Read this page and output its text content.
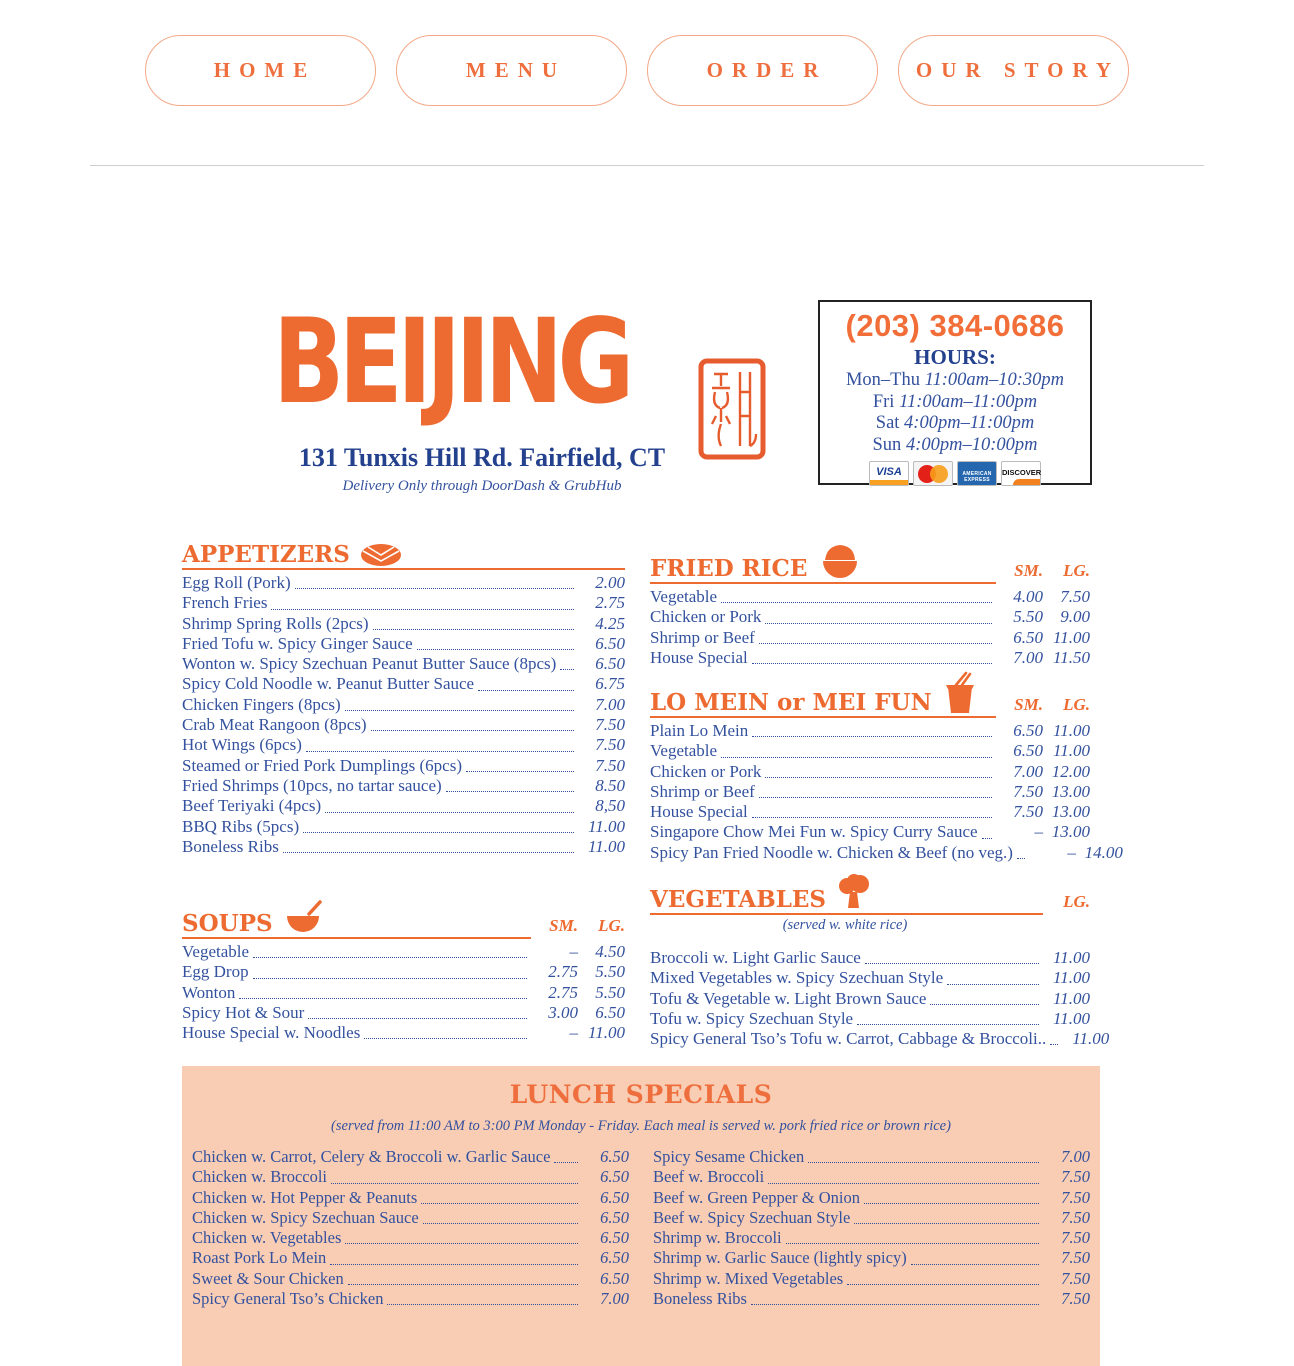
HOME	MENU	ORDER	OUR STORY
BEIJING
131 Tunxis Hill Rd. Fairfield, CT
Delivery Only through DoorDash & GrubHub
(203) 384-0686
HOURS:
Mon–Thu 11:00am–10:30pm
Fri 11:00am–11:00pm
Sat 4:00pm–11:00pm
Sun 4:00pm–10:00pm
VISA	AMERICAN EXPRESS
DISCOVER
APPETIZERS
Egg Roll (Pork)	2.00
French Fries	2.75
Shrimp Spring Rolls (2pcs)	4.25
Fried Tofu w. Spicy Ginger Sauce	6.50
Wonton w. Spicy Szechuan Peanut Butter Sauce (8pcs)	6.50
Spicy Cold Noodle w. Peanut Butter Sauce	6.75
Chicken Fingers (8pcs)	7.00
Crab Meat Rangoon (8pcs)	7.50
Hot Wings (6pcs)	7.50
Steamed or Fried Pork Dumplings (6pcs)	7.50
Fried Shrimps (10pcs, no tartar sauce)	8.50
Beef Teriyaki (4pcs)	8,50
BBQ Ribs (5pcs)	11.00
Boneless Ribs	11.00
SOUPS	SM.	LG.
Vegetable	–	4.50
Egg Drop	2.75	5.50
Wonton	2.75	5.50
Spicy Hot & Sour	3.00	6.50
House Special w. Noodles	– 11.00
FRIED RICE	SM.	LG.
Vegetable	4.00	7.50
Chicken or Pork	5.50	9.00
Shrimp or Beef	6.50 11.00
House Special	7.00 11.50
LO MEIN or MEI FUN	SM.	LG.
Plain Lo Mein	6.50 11.00
Vegetable	6.50 11.00
Chicken or Pork	7.00 12.00
Shrimp or Beef	7.50 13.00
House Special	7.50 13.00
Singapore Chow Mei Fun w. Spicy Curry Sauce	– 13.00
Spicy Pan Fried Noodle w. Chicken & Beef (no veg.)	– 14.00
VEGETABLES	LG.
(served w. white rice)
Broccoli w. Light Garlic Sauce	11.00
Mixed Vegetables w. Spicy Szechuan Style	11.00
Tofu & Vegetable w. Light Brown Sauce	11.00
Tofu w. Spicy Szechuan Style	11.00
Spicy General Tso’s Tofu w. Carrot, Cabbage & Broccoli..	11.00
LUNCH SPECIALS
(served from 11:00 AM to 3:00 PM Monday - Friday. Each meal is served w. pork fried rice or brown rice)
Chicken w. Carrot, Celery & Broccoli w. Garlic Sauce	6.50
Chicken w. Broccoli	6.50
Chicken w. Hot Pepper & Peanuts	6.50
Chicken w. Spicy Szechuan Sauce	6.50
Chicken w. Vegetables	6.50
Roast Pork Lo Mein	6.50
Sweet & Sour Chicken	6.50
Spicy General Tso’s Chicken	7.00
Spicy Sesame Chicken	7.00
Beef w. Broccoli	7.50
Beef w. Green Pepper & Onion	7.50
Beef w. Spicy Szechuan Style	7.50
Shrimp w. Broccoli	7.50
Shrimp w. Garlic Sauce (lightly spicy)	7.50
Shrimp w. Mixed Vegetables	7.50
Boneless Ribs	7.50
